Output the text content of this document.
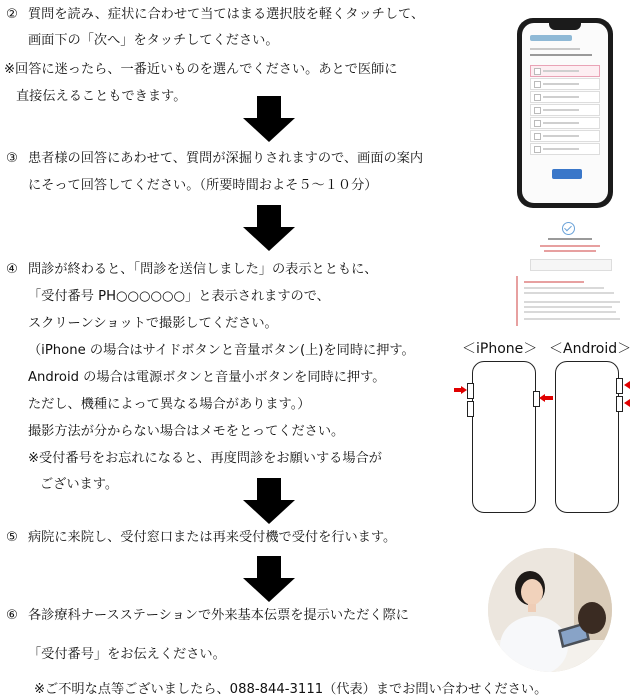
② 質問を読み、症状に合わせて当てはまる選択肢を軽くタッチして、
画面下の「次へ」をタッチしてください。
※回答に迷ったら、一番近いものを選んでください。あとで医師に
直接伝えることもできます。
③ 患者様の回答にあわせて、質問が深掘りされますので、画面の案内
にそって回答してください。（所要時間およそ５～１０分）
④ 問診が終わると、「問診を送信しました」の表示とともに、
「受付番号 PH○○○○○○」と表示されますので、
スクリーンショットで撮影してください。
（iPhone の場合はサイドボタンと音量ボタン(上)を同時に押す。
Android の場合は電源ボタンと音量小ボタンを同時に押す。
ただし、機種によって異なる場合があります。）
撮影方法が分からない場合はメモをとってください。
※受付番号をお忘れになると、再度問診をお願いする場合が
ございます。
⑤ 病院に来院し、受付窓口または再来受付機で受付を行います。
⑥ 各診療科ナースステーションで外来基本伝票を提示いただく際に
「受付番号」をお伝えください。
※ご不明な点等ございましたら、088-844-3111（代表）までお問い合わせください。
＜iPhone＞ ＜Android＞
